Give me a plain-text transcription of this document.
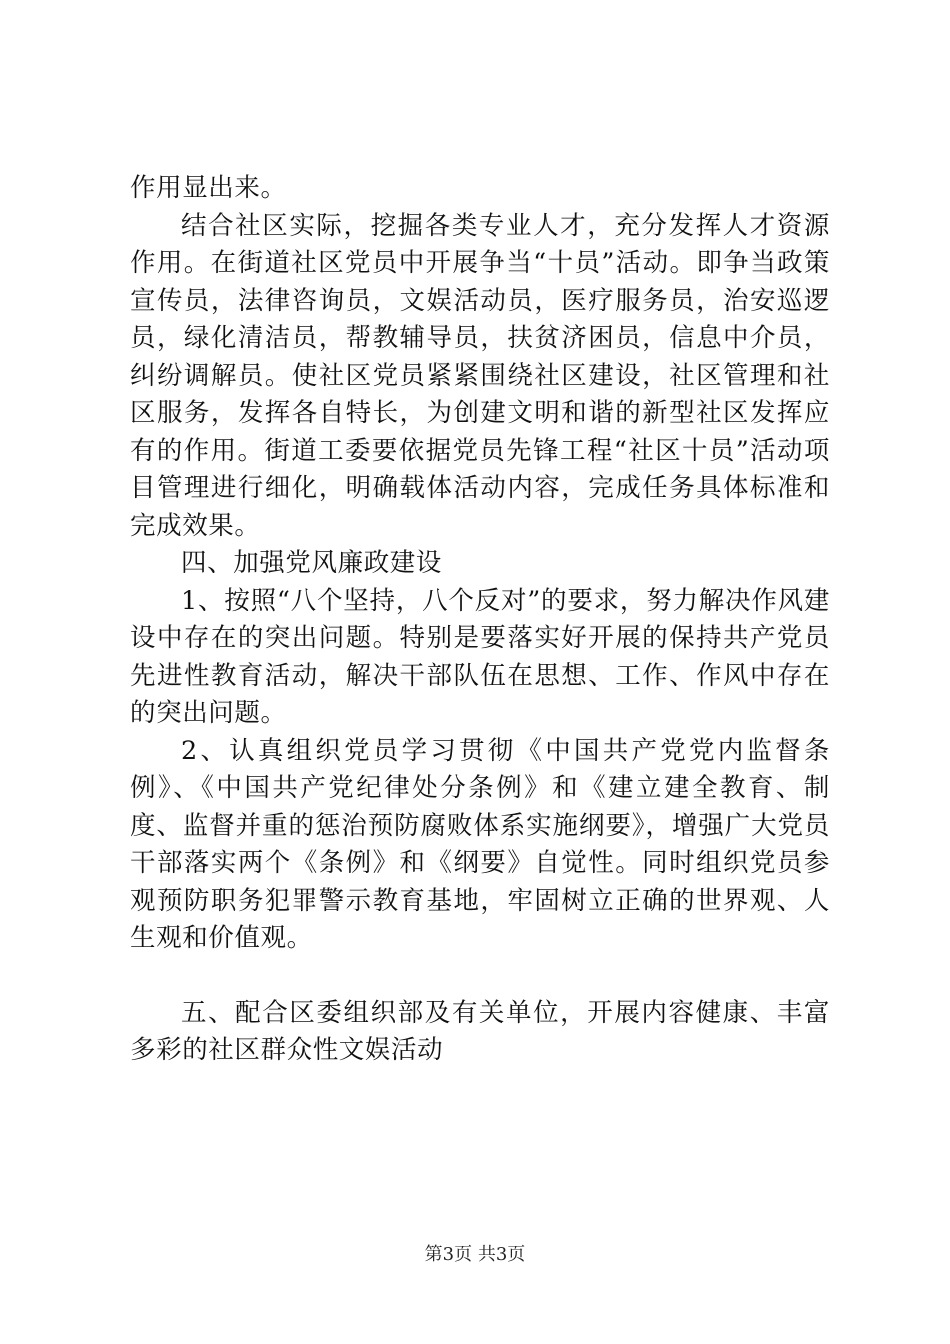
作用显出来。

结合社区实际，挖掘各类专业人才，充分发挥人才资源作用。在街道社区党员中开展争当“十员”活动。即争当政策宣传员，法律咨询员，文娱活动员，医疗服务员，治安巡逻员，绿化清洁员，帮教辅导员，扶贫济困员，信息中介员，纠纷调解员。使社区党员紧紧围绕社区建设，社区管理和社区服务，发挥各自特长，为创建文明和谐的新型社区发挥应有的作用。街道工委要依据党员先锋工程“社区十员”活动项目管理进行细化，明确载体活动内容，完成任务具体标准和完成效果。

四、加强党风廉政建设

1、按照“八个坚持，八个反对”的要求，努力解决作风建设中存在的突出问题。特别是要落实好开展的保持共产党员先进性教育活动，解决干部队伍在思想、工作、作风中存在的突出问题。

2、认真组织党员学习贯彻《中国共产党党内监督条例》、《中国共产党纪律处分条例》和《建立建全教育、制度、监督并重的惩治预防腐败体系实施纲要》，增强广大党员干部落实两个《条例》和《纲要》自觉性。同时组织党员参观预防职务犯罪警示教育基地，牢固树立正确的世界观、人生观和价值观。

五、配合区委组织部及有关单位，开展内容健康、丰富多彩的社区群众性文娱活动

第3页 共3页
